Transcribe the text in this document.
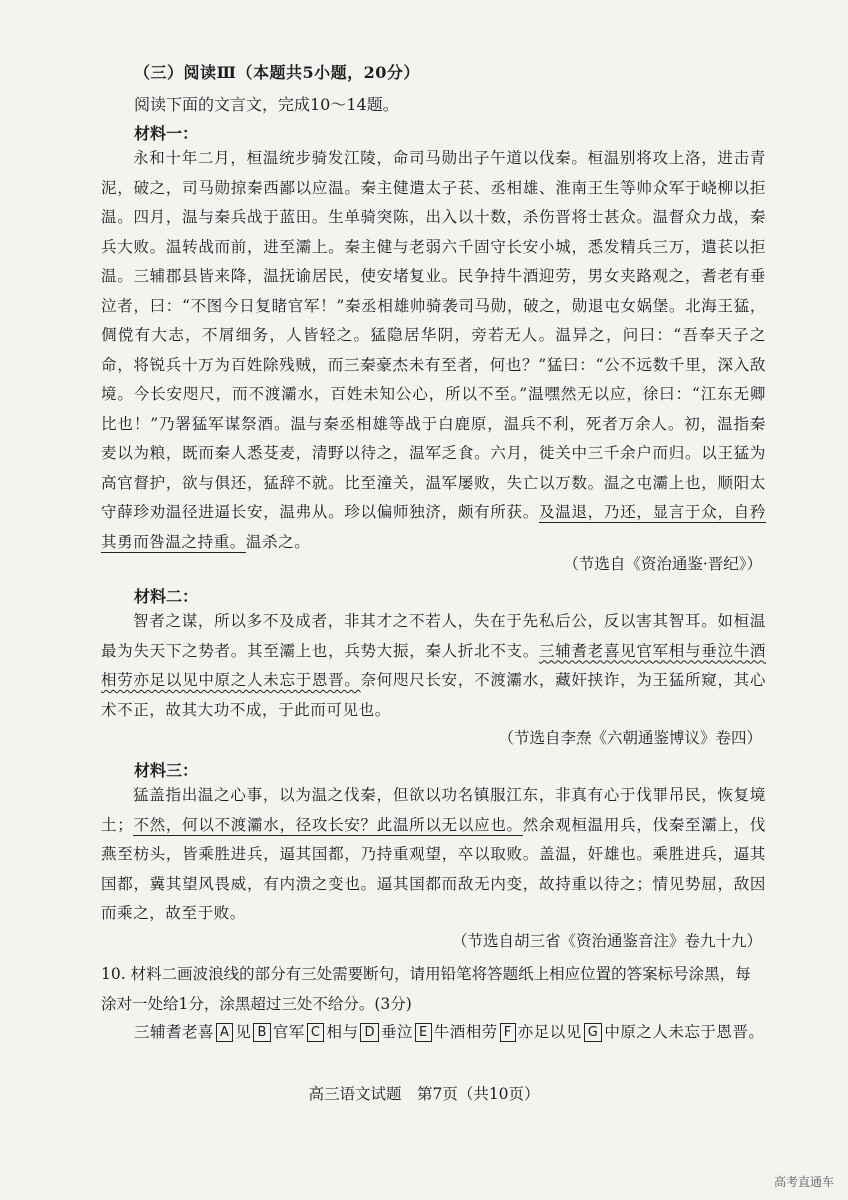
（三）阅读Ⅲ（本题共5小题，20分）
阅读下面的文言文，完成10～14题。
材料一：
永和十年二月，桓温统步骑发江陵，命司马勋出子午道以伐秦。桓温别将攻上洛，进击青泥，破之，司马勋掠秦西鄙以应温。秦主健遣太子苌、丞相雄、淮南王生等帅众军于峣柳以拒温。四月，温与秦兵战于蓝田。生单骑突陈，出入以十数，杀伤晋将士甚众。温督众力战，秦兵大败。温转战而前，进至灞上。秦主健与老弱六千固守长安小城，悉发精兵三万，遣苌以拒温。三辅郡县皆来降，温抚谕居民，使安堵复业。民争持牛酒迎劳，男女夹路观之，耆老有垂泣者，曰：“不图今日复睹官军！”秦丞相雄帅骑袭司马勋，破之，勋退屯女娲堡。北海王猛，倜傥有大志，不屑细务，人皆轻之。猛隐居华阴，旁若无人。温异之，问曰：“吾奉天子之命，将锐兵十万为百姓除残贼，而三秦豪杰未有至者，何也？”猛曰：“公不远数千里，深入敌境。今长安咫尺，而不渡灞水，百姓未知公心，所以不至。”温嘿然无以应，徐曰：“江东无卿比也！”乃署猛军谋祭酒。温与秦丞相雄等战于白鹿原，温兵不利，死者万余人。初，温指秦麦以为粮，既而秦人悉芟麦，清野以待之，温军乏食。六月，徙关中三千余户而归。以王猛为高官督护，欲与俱还，猛辞不就。比至潼关，温军屡败，失亡以万数。温之屯灞上也，顺阳太守薛珍劝温径进逼长安，温弗从。珍以偏师独济，颇有所获。及温退，乃还，显言于众，自矜其勇而咎温之持重。温杀之。
（节选自《资治通鉴·晋纪》）
材料二：
智者之谋，所以多不及成者，非其才之不若人，失在于先私后公，反以害其智耳。如桓温最为失天下之势者。其至灞上也，兵势大振，秦人折北不支。三辅耆老喜见官军相与垂泣牛酒相劳亦足以见中原之人未忘于恩晋。奈何咫尺长安，不渡灞水，藏奸挟诈，为王猛所窥，其心术不正，故其大功不成，于此而可见也。
（节选自李焘《六朝通鉴博议》卷四）
材料三：
猛盖指出温之心事，以为温之伐秦，但欲以功名镇服江东，非真有心于伐罪吊民，恢复境土；不然，何以不渡灞水，径攻长安？此温所以无以应也。然余观桓温用兵，伐秦至灞上，伐燕至枋头，皆乘胜进兵，逼其国都，乃持重观望，卒以取败。盖温，奸雄也。乘胜进兵，逼其国都，冀其望风畏威，有内溃之变也。逼其国都而敌无内变，故持重以待之；情见势屈，敌因而乘之，故至于败。
（节选自胡三省《资治通鉴音注》卷九十九）
10. 材料二画波浪线的部分有三处需要断句，请用铅笔将答题纸上相应位置的答案标号涂黑，每涂对一处给1分，涂黑超过三处不给分。(3分)
三辅耆老喜 A 见 B 官军 C 相与 D 垂泣 E 牛酒相劳 F 亦足以见 G 中原之人未忘于恩晋。
高三语文试题　第7页（共10页）
高考直通车
